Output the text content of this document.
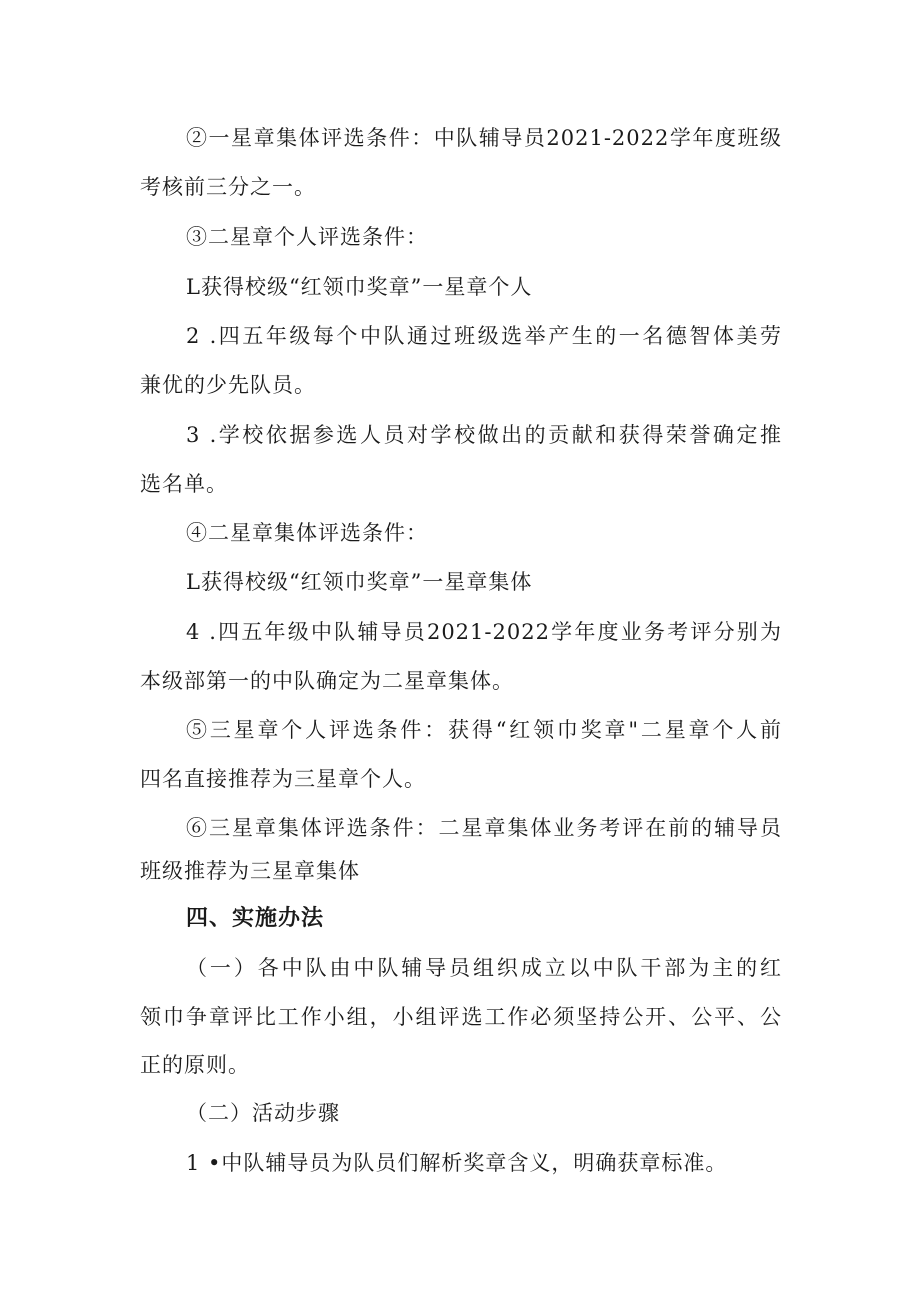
②一星章集体评选条件：中队辅导员2021-2022学年度班级
考核前三分之一。
③二星章个人评选条件：
L获得校级“红领巾奖章”一星章个人
2 .四五年级每个中队通过班级选举产生的一名德智体美劳
兼优的少先队员。
3 .学校依据参选人员对学校做出的贡献和获得荣誉确定推
选名单。
④二星章集体评选条件：
L获得校级“红领巾奖章”一星章集体
4 .四五年级中队辅导员2021-2022学年度业务考评分别为
本级部第一的中队确定为二星章集体。
⑤三星章个人评选条件：获得“红领巾奖章"二星章个人前
四名直接推荐为三星章个人。
⑥三星章集体评选条件：二星章集体业务考评在前的辅导员
班级推荐为三星章集体
四、实施办法
（一）各中队由中队辅导员组织成立以中队干部为主的红
领巾争章评比工作小组，小组评选工作必须坚持公开、公平、公
正的原则。
（二）活动步骤
1 •中队辅导员为队员们解析奖章含义，明确获章标准。
